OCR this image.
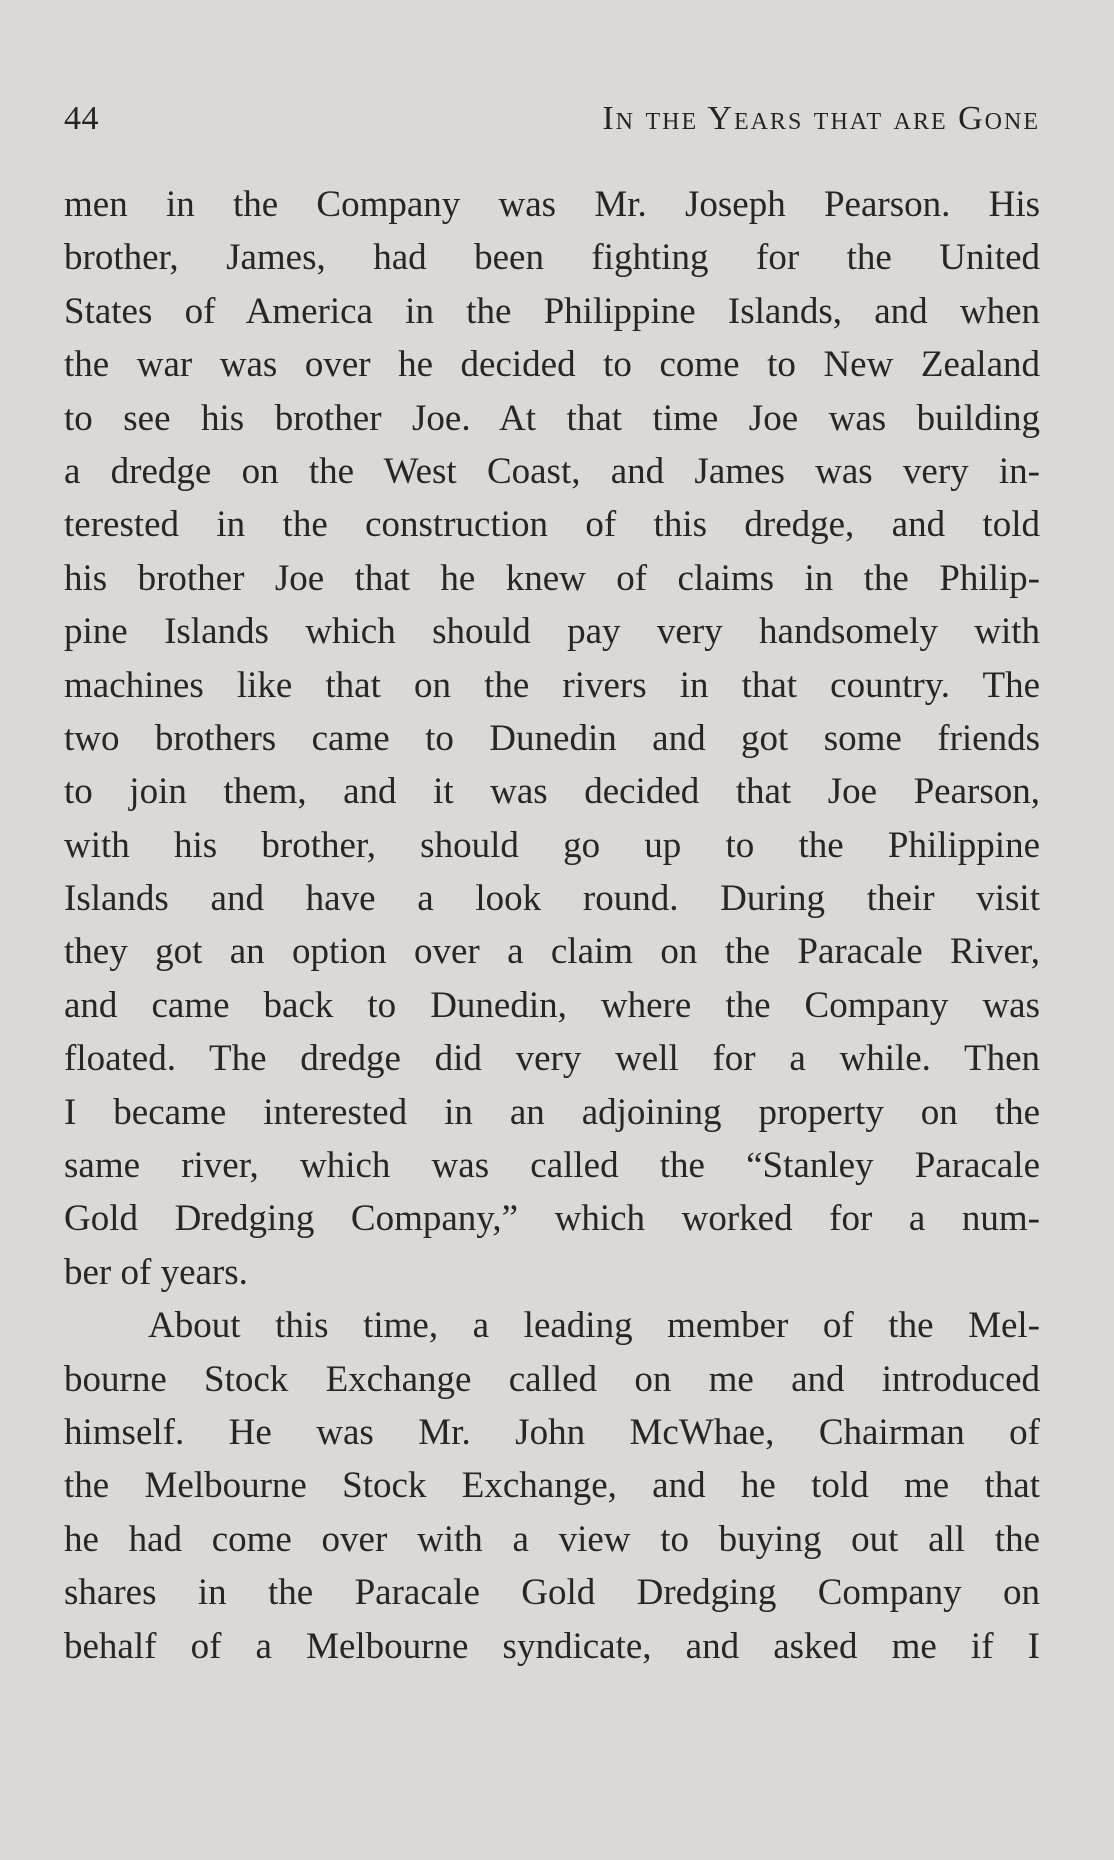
44	In the Years that are Gone
men in the Company was Mr. Joseph Pearson. His
brother, James, had been fighting for the United
States of America in the Philippine Islands, and when
the war was over he decided to come to New Zealand
to see his brother Joe. At that time Joe was building
a dredge on the West Coast, and James was very in-
terested in the construction of this dredge, and told
his brother Joe that he knew of claims in the Philip-
pine Islands which should pay very handsomely with
machines like that on the rivers in that country. The
two brothers came to Dunedin and got some friends
to join them, and it was decided that Joe Pearson,
with his brother, should go up to the Philippine
Islands and have a look round. During their visit
they got an option over a claim on the Paracale River,
and came back to Dunedin, where the Company was
floated. The dredge did very well for a while. Then
I became interested in an adjoining property on the
same river, which was called the “Stanley Paracale
Gold Dredging Company,” which worked for a num-
ber of years.
About this time, a leading member of the Mel-
bourne Stock Exchange called on me and introduced
himself. He was Mr. John McWhae, Chairman of
the Melbourne Stock Exchange, and he told me that
he had come over with a view to buying out all the
shares in the Paracale Gold Dredging Company on
behalf of a Melbourne syndicate, and asked me if I
